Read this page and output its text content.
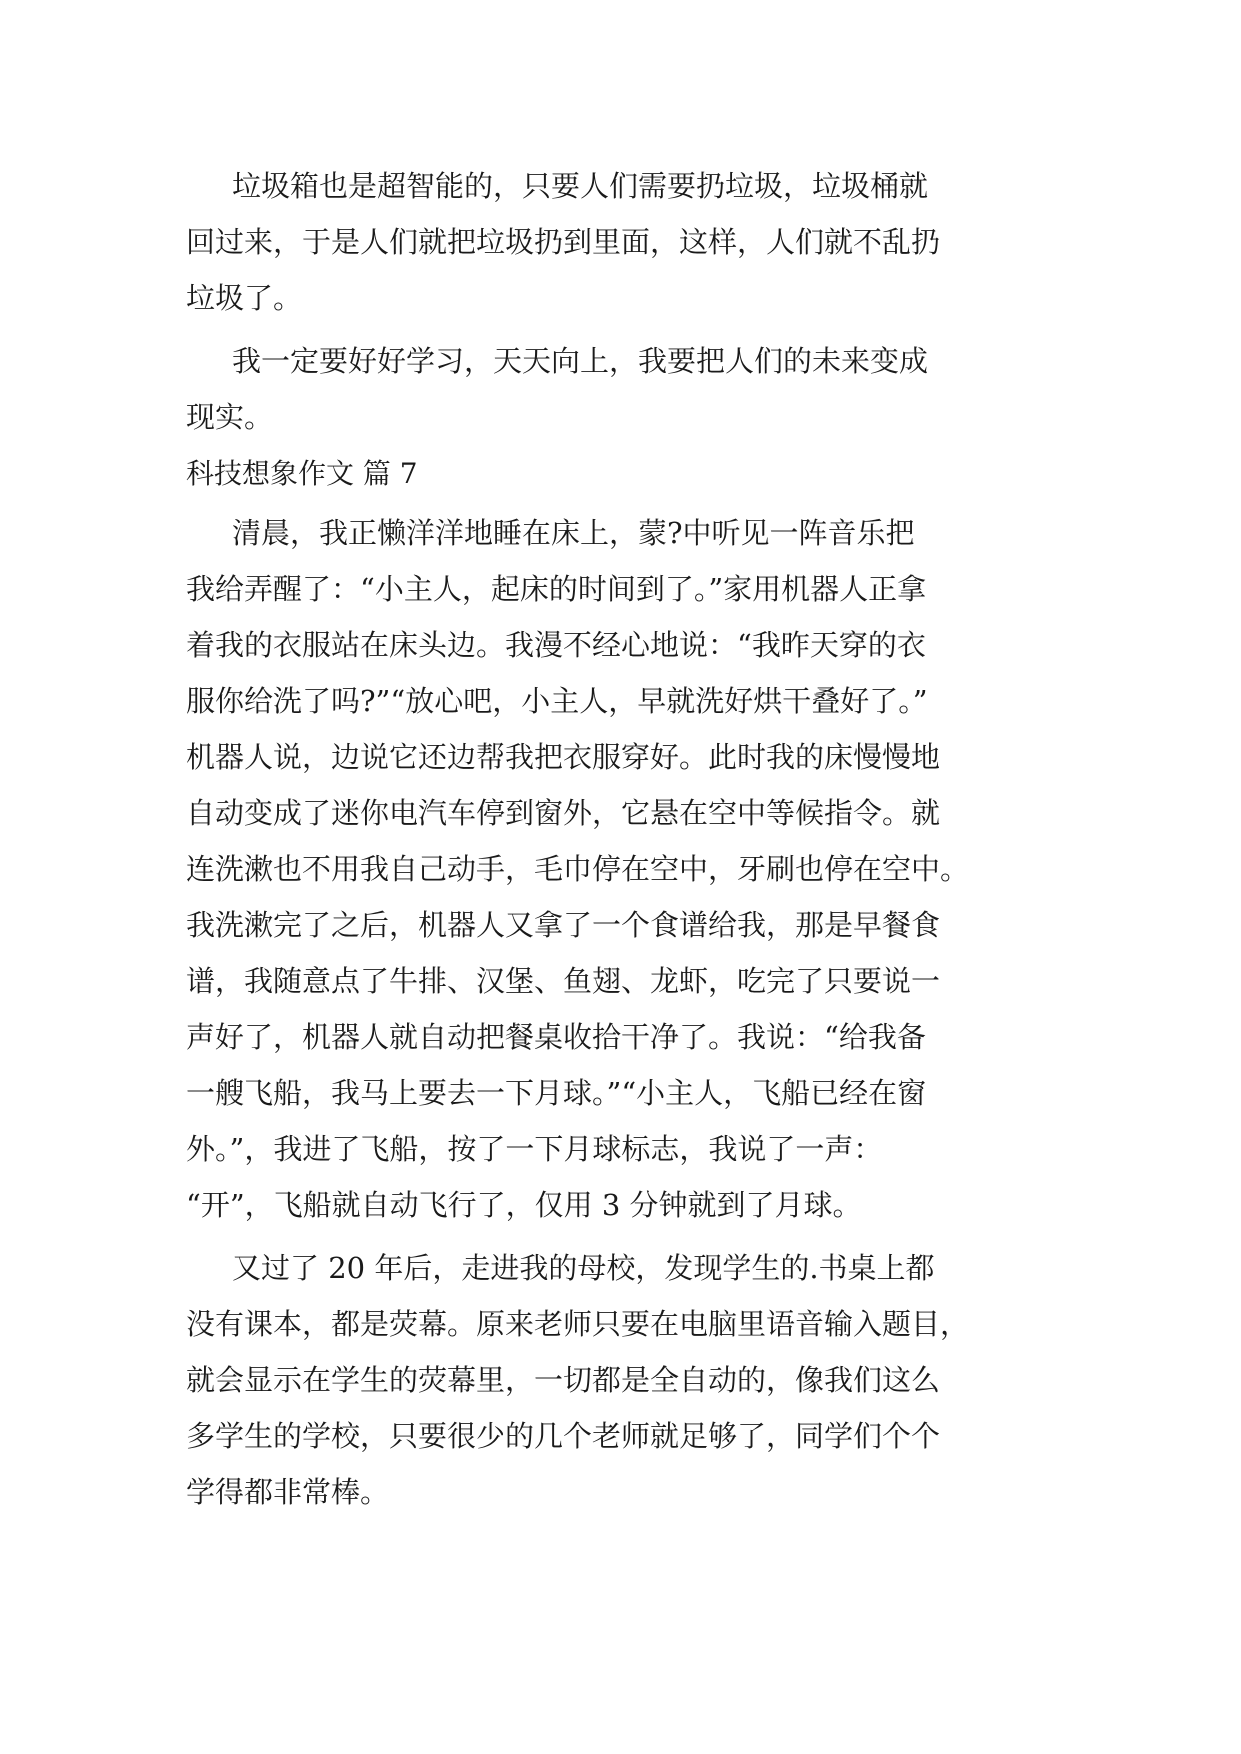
垃圾箱也是超智能的，只要人们需要扔垃圾，垃圾桶就
回过来，于是人们就把垃圾扔到里面，这样，人们就不乱扔
垃圾了。
我一定要好好学习，天天向上，我要把人们的未来变成
现实。
科技想象作文 篇 7
清晨，我正懒洋洋地睡在床上，蒙?中听见一阵音乐把
我给弄醒了：“小主人，起床的时间到了。”家用机器人正拿
着我的衣服站在床头边。我漫不经心地说：“我昨天穿的衣
服你给洗了吗?”“放心吧，小主人，早就洗好烘干叠好了。”
机器人说，边说它还边帮我把衣服穿好。此时我的床慢慢地
自动变成了迷你电汽车停到窗外，它悬在空中等候指令。就
连洗漱也不用我自己动手，毛巾停在空中，牙刷也停在空中。
我洗漱完了之后，机器人又拿了一个食谱给我，那是早餐食
谱，我随意点了牛排、汉堡、鱼翅、龙虾，吃完了只要说一
声好了，机器人就自动把餐桌收拾干净了。我说：“给我备
一艘飞船，我马上要去一下月球。”“小主人，飞船已经在窗
外。”，我进了飞船，按了一下月球标志，我说了一声：
“开”，飞船就自动飞行了，仅用 3 分钟就到了月球。
又过了 20 年后，走进我的母校，发现学生的.书桌上都
没有课本，都是荧幕。原来老师只要在电脑里语音输入题目，
就会显示在学生的荧幕里，一切都是全自动的，像我们这么
多学生的学校，只要很少的几个老师就足够了，同学们个个
学得都非常棒。
